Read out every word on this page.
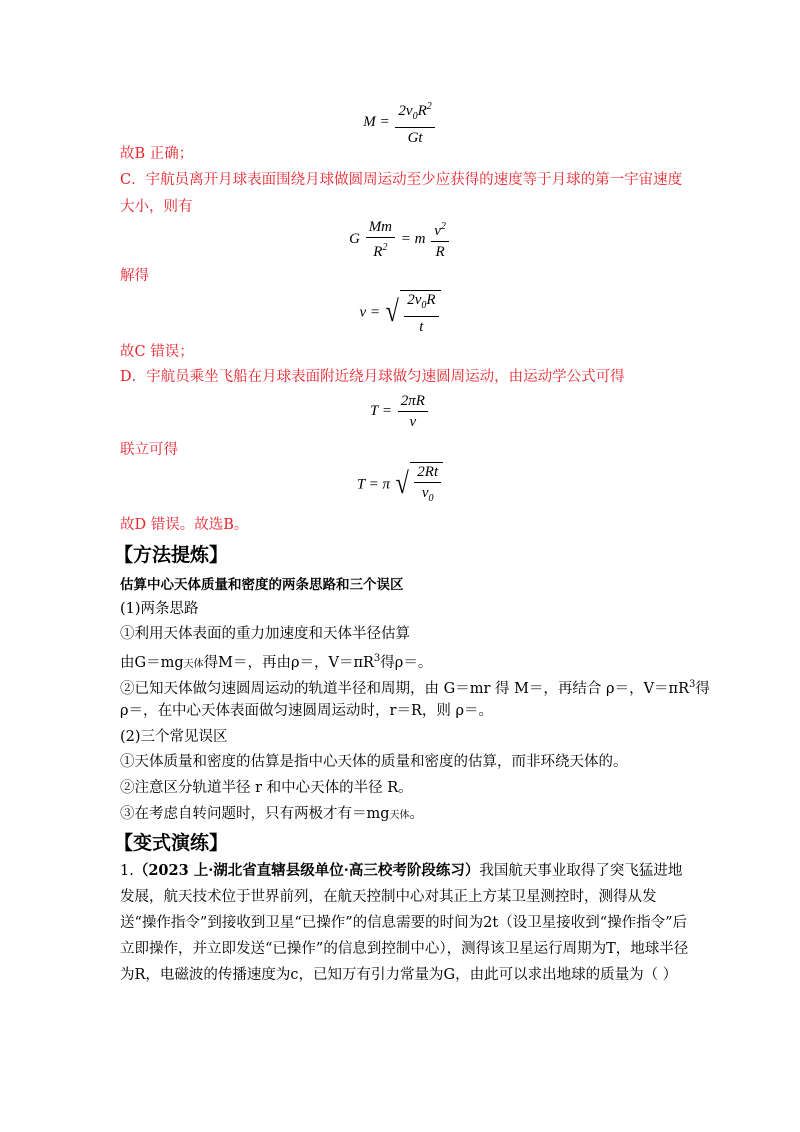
$M = \frac{2v_0R^2}{Gt}$
故B 正确；
C．宇航员离开月球表面围绕月球做圆周运动至少应获得的速度等于月球的第一宇宙速度大小，则有
G $\frac{Mm}{R^2} = m \frac{v^2}{R}$
解得
v = √ $\frac{2v_0R}{t}$
故C 错误；
D．宇航员乘坐飞船在月球表面附近绕月球做匀速圆周运动，由运动学公式可得
$T = \frac{2\pi R}{v}$
联立可得
T = π √ $\frac{2Rt}{v_0}$
故D 错误。故选B。
【方法提炼】
估算中心天体质量和密度的两条思路和三个误区
(1)两条思路
①利用天体表面的重力加速度和天体半径估算
由G＝mg天体得M＝，再由ρ＝，$V=\pi R^3$得ρ＝。
②已知天体做匀速圆周运动的轨道半径和周期，由 G＝mr 得 M＝，再结合 ρ＝，$V=\pi R^3$得
ρ＝，在中心天体表面做匀速圆周运动时，r＝R，则 ρ＝。
(2)三个常见误区
①天体质量和密度的估算是指中心天体的质量和密度的估算，而非环绕天体的。
②注意区分轨道半径 r 和中心天体的半径 R。
③在考虑自转问题时，只有两极才有＝mg天体。
【变式演练】
1.（2023 上·湖北省直辖县级单位·高三校考阶段练习）我国航天事业取得了突飞猛进地发展，航天技术位于世界前列，在航天控制中心对其正上方某卫星测控时，测得从发送“操作指令”到接收到卫星“已操作”的信息需要的时间为2t（设卫星接收到“操作指令”后立即操作，并立即发送“已操作”的信息到控制中心），测得该卫星运行周期为T，地球半径为R，电磁波的传播速度为c，已知万有引力常量为G，由此可以求出地球的质量为（ ）
